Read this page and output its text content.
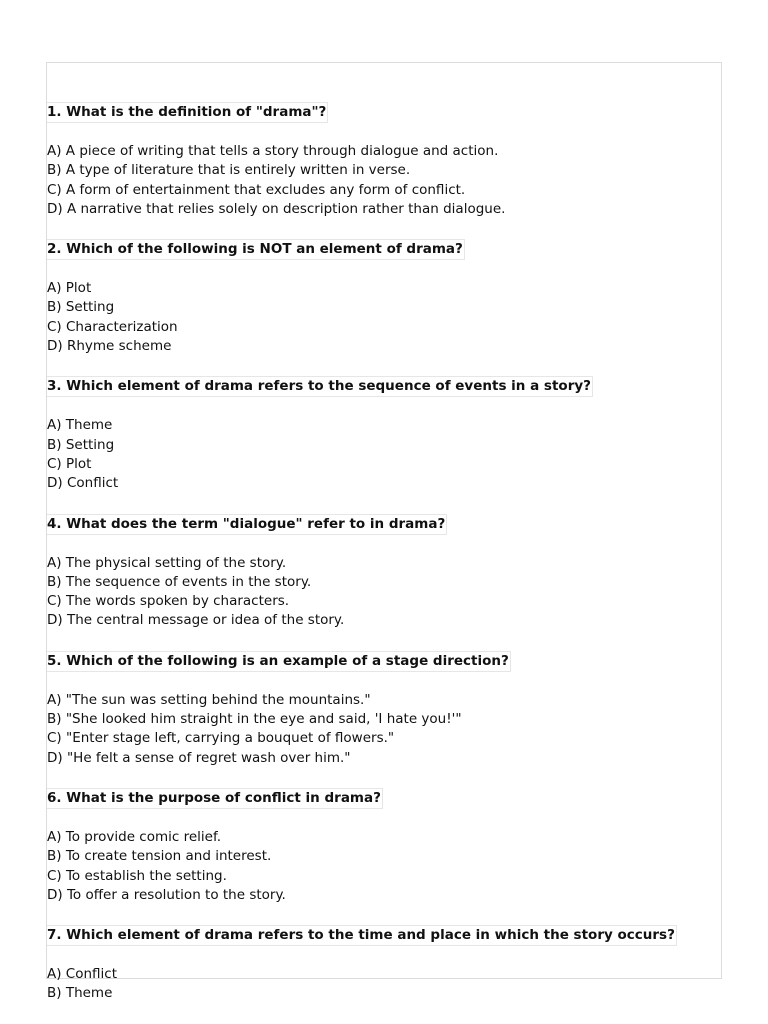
1. What is the definition of "drama"?
A) A piece of writing that tells a story through dialogue and action.
B) A type of literature that is entirely written in verse.
C) A form of entertainment that excludes any form of conflict.
D) A narrative that relies solely on description rather than dialogue.
2. Which of the following is NOT an element of drama?
A) Plot
B) Setting
C) Characterization
D) Rhyme scheme
3. Which element of drama refers to the sequence of events in a story?
A) Theme
B) Setting
C) Plot
D) Conflict
4. What does the term "dialogue" refer to in drama?
A) The physical setting of the story.
B) The sequence of events in the story.
C) The words spoken by characters.
D) The central message or idea of the story.
5. Which of the following is an example of a stage direction?
A) "The sun was setting behind the mountains."
B) "She looked him straight in the eye and said, 'I hate you!'"
C) "Enter stage left, carrying a bouquet of flowers."
D) "He felt a sense of regret wash over him."
6. What is the purpose of conflict in drama?
A) To provide comic relief.
B) To create tension and interest.
C) To establish the setting.
D) To offer a resolution to the story.
7. Which element of drama refers to the time and place in which the story occurs?
A) Conflict
B) Theme
